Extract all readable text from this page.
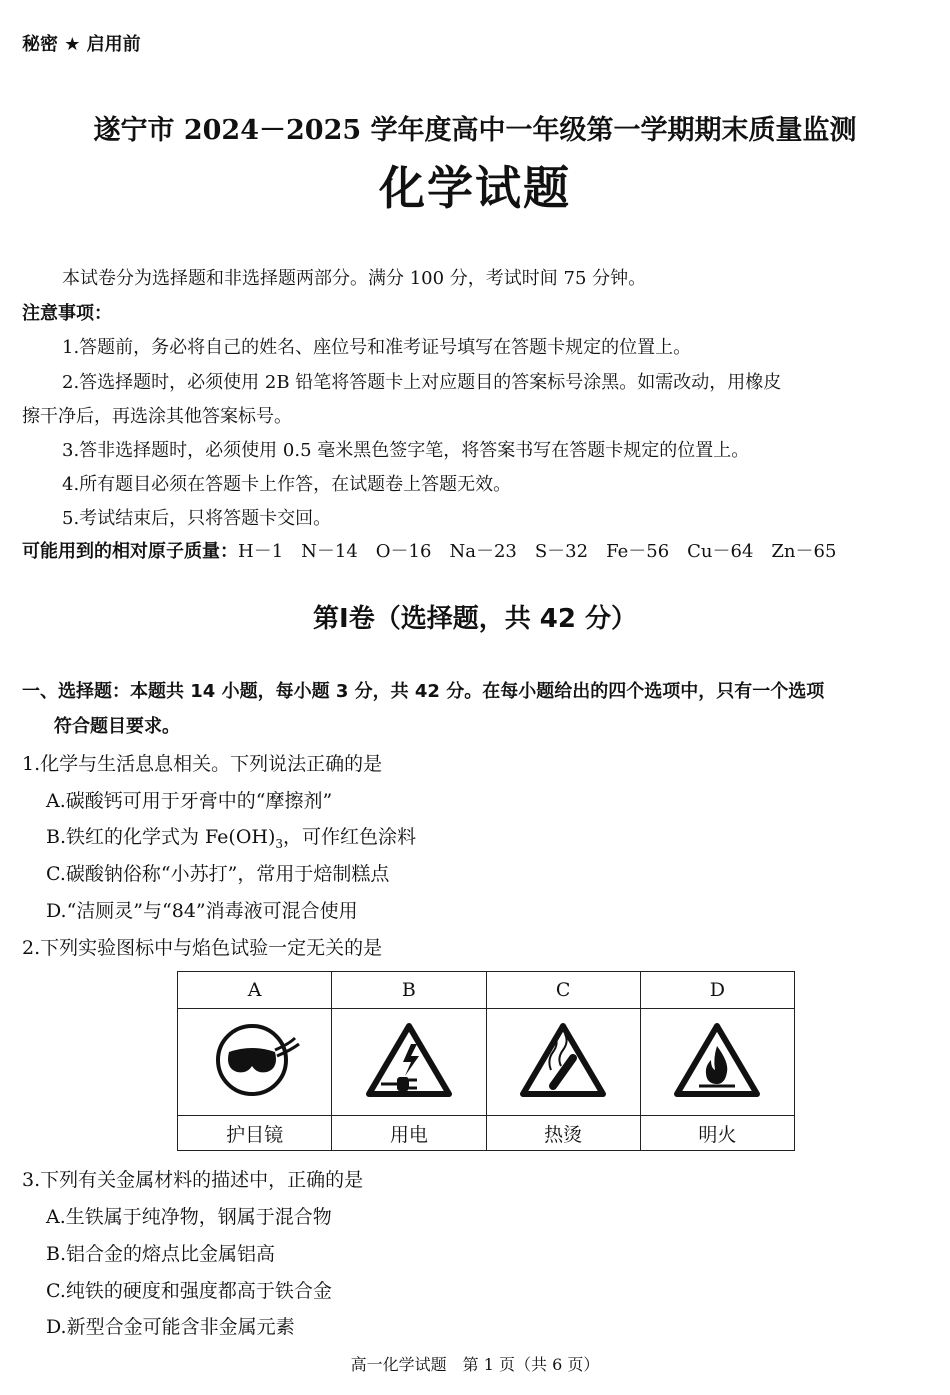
秘密 ★ 启用前
遂宁市 2024－2025 学年度高中一年级第一学期期末质量监测
化学试题
本试卷分为选择题和非选择题两部分。满分 100 分，考试时间 75 分钟。
注意事项：
1.答题前，务必将自己的姓名、座位号和准考证号填写在答题卡规定的位置上。
2.答选择题时，必须使用 2B 铅笔将答题卡上对应题目的答案标号涂黑。如需改动，用橡皮
擦干净后，再选涂其他答案标号。
3.答非选择题时，必须使用 0.5 毫米黑色签字笔，将答案书写在答题卡规定的位置上。
4.所有题目必须在答题卡上作答，在试题卷上答题无效。
5.考试结束后，只将答题卡交回。
可能用到的相对原子质量：H－1　N－14　O－16　Na－23　S－32　Fe－56　Cu－64　Zn－65
第Ⅰ卷（选择题，共 42 分）
一、选择题：本题共 14 小题，每小题 3 分，共 42 分。在每小题给出的四个选项中，只有一个选项
符合题目要求。
1.化学与生活息息相关。下列说法正确的是
A.碳酸钙可用于牙膏中的“摩擦剂”
B.铁红的化学式为 $Fe(OH)_3$，可作红色涂料
C.碳酸钠俗称“小苏打”，常用于焙制糕点
D.“洁厕灵”与“84”消毒液可混合使用
2.下列实验图标中与焰色试验一定无关的是
A	B	C	D

护目镜	用电	热烫	明火
3.下列有关金属材料的描述中，正确的是
A.生铁属于纯净物，钢属于混合物
B.铝合金的熔点比金属铝高
C.纯铁的硬度和强度都高于铁合金
D.新型合金可能含非金属元素
高一化学试题　第 1 页（共 6 页）
